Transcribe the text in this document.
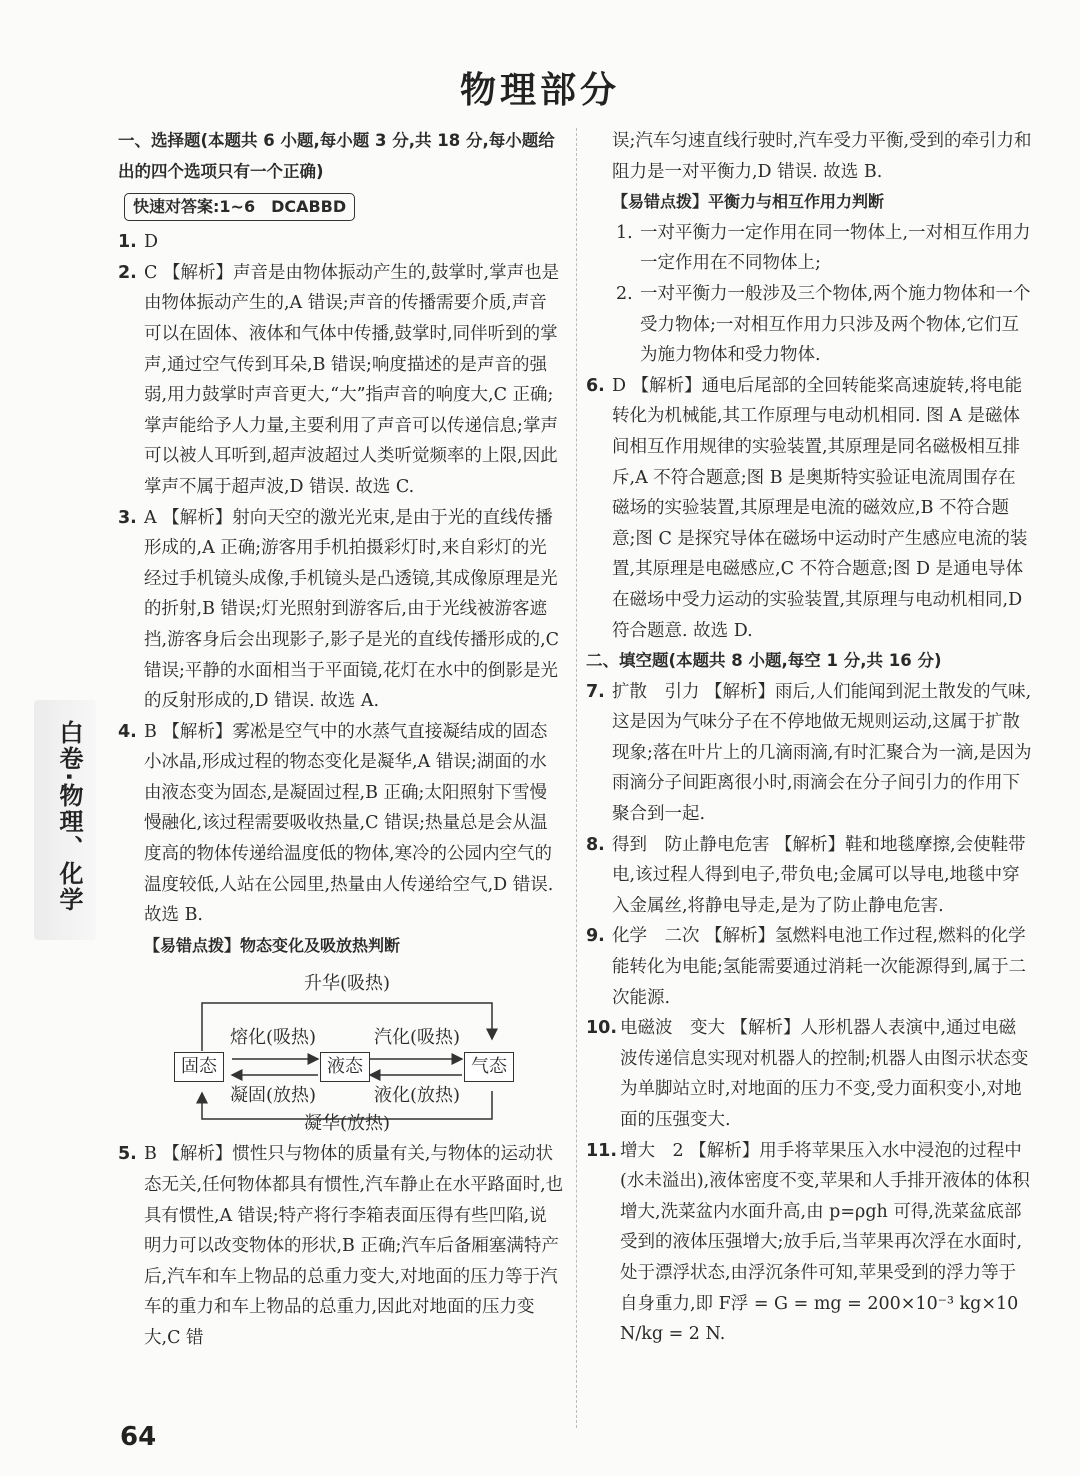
物理部分
白卷·物理、化学

一、选择题(本题共 6 小题,每小题 3 分,共 18 分,每小题给出的四个选项只有一个正确)

快速对答案:1~6　DCABBD
1. D

2. C 【解析】声音是由物体振动产生的,鼓掌时,掌声也是由物体振动产生的,A 错误;声音的传播需要介质,声音可以在固体、液体和气体中传播,鼓掌时,同伴听到的掌声,通过空气传到耳朵,B 错误;响度描述的是声音的强弱,用力鼓掌时声音更大,“大”指声音的响度大,C 正确;掌声能给予人力量,主要利用了声音可以传递信息;掌声可以被人耳听到,超声波超过人类听觉频率的上限,因此掌声不属于超声波,D 错误. 故选 C.

3. A 【解析】射向天空的激光光束,是由于光的直线传播形成的,A 正确;游客用手机拍摄彩灯时,来自彩灯的光经过手机镜头成像,手机镜头是凸透镜,其成像原理是光的折射,B 错误;灯光照射到游客后,由于光线被游客遮挡,游客身后会出现影子,影子是光的直线传播形成的,C 错误;平静的水面相当于平面镜,花灯在水中的倒影是光的反射形成的,D 错误. 故选 A.

4. B 【解析】雾凇是空气中的水蒸气直接凝结成的固态小冰晶,形成过程的物态变化是凝华,A 错误;湖面的水由液态变为固态,是凝固过程,B 正确;太阳照射下雪慢慢融化,该过程需要吸收热量,C 错误;热量总是会从温度高的物体传递给温度低的物体,寒冷的公园内空气的温度较低,人站在公园里,热量由人传递给空气,D 错误. 故选 B.

【易错点拨】物态变化及吸放热判断

升华(吸热)
固态	液态	气态
熔化(吸热)	汽化(吸热)
凝固(放热)	液化(放热)
凝华(放热)
5. B 【解析】惯性只与物体的质量有关,与物体的运动状态无关,任何物体都具有惯性,汽车静止在水平路面时,也具有惯性,A 错误;特产将行李箱表面压得有些凹陷,说明力可以改变物体的形状,B 正确;汽车后备厢塞满特产后,汽车和车上物品的总重力变大,对地面的压力等于汽车的重力和车上物品的总重力,因此对地面的压力变大,C 错

误;汽车匀速直线行驶时,汽车受力平衡,受到的牵引力和阻力是一对平衡力,D 错误. 故选 B.

【易错点拨】平衡力与相互作用力判断

1. 一对平衡力一定作用在同一物体上,一对相互作用力一定作用在不同物体上;

2. 一对平衡力一般涉及三个物体,两个施力物体和一个受力物体;一对相互作用力只涉及两个物体,它们互为施力物体和受力物体.

6. D 【解析】通电后尾部的全回转能桨高速旋转,将电能转化为机械能,其工作原理与电动机相同. 图 A 是磁体间相互作用规律的实验装置,其原理是同名磁极相互排斥,A 不符合题意;图 B 是奥斯特实验证电流周围存在磁场的实验装置,其原理是电流的磁效应,B 不符合题意;图 C 是探究导体在磁场中运动时产生感应电流的装置,其原理是电磁感应,C 不符合题意;图 D 是通电导体在磁场中受力运动的实验装置,其原理与电动机相同,D 符合题意. 故选 D.

二、填空题(本题共 8 小题,每空 1 分,共 16 分)

7. 扩散　引力 【解析】雨后,人们能闻到泥土散发的气味,这是因为气味分子在不停地做无规则运动,这属于扩散现象;落在叶片上的几滴雨滴,有时汇聚合为一滴,是因为雨滴分子间距离很小时,雨滴会在分子间引力的作用下聚合到一起.

8. 得到　防止静电危害 【解析】鞋和地毯摩擦,会使鞋带电,该过程人得到电子,带负电;金属可以导电,地毯中穿入金属丝,将静电导走,是为了防止静电危害.

9. 化学　二次 【解析】氢燃料电池工作过程,燃料的化学能转化为电能;氢能需要通过消耗一次能源得到,属于二次能源.

10. 电磁波　变大 【解析】人形机器人表演中,通过电磁波传递信息实现对机器人的控制;机器人由图示状态变为单脚站立时,对地面的压力不变,受力面积变小,对地面的压强变大.

11. 增大　2 【解析】用手将苹果压入水中浸泡的过程中(水未溢出),液体密度不变,苹果和人手排开液体的体积增大,洗菜盆内水面升高,由 p=ρgh 可得,洗菜盆底部受到的液体压强增大;放手后,当苹果再次浮在水面时,处于漂浮状态,由浮沉条件可知,苹果受到的浮力等于自身重力,即 F浮 = G = mg = 200×10⁻³ kg×10 N/kg = 2 N.

64
